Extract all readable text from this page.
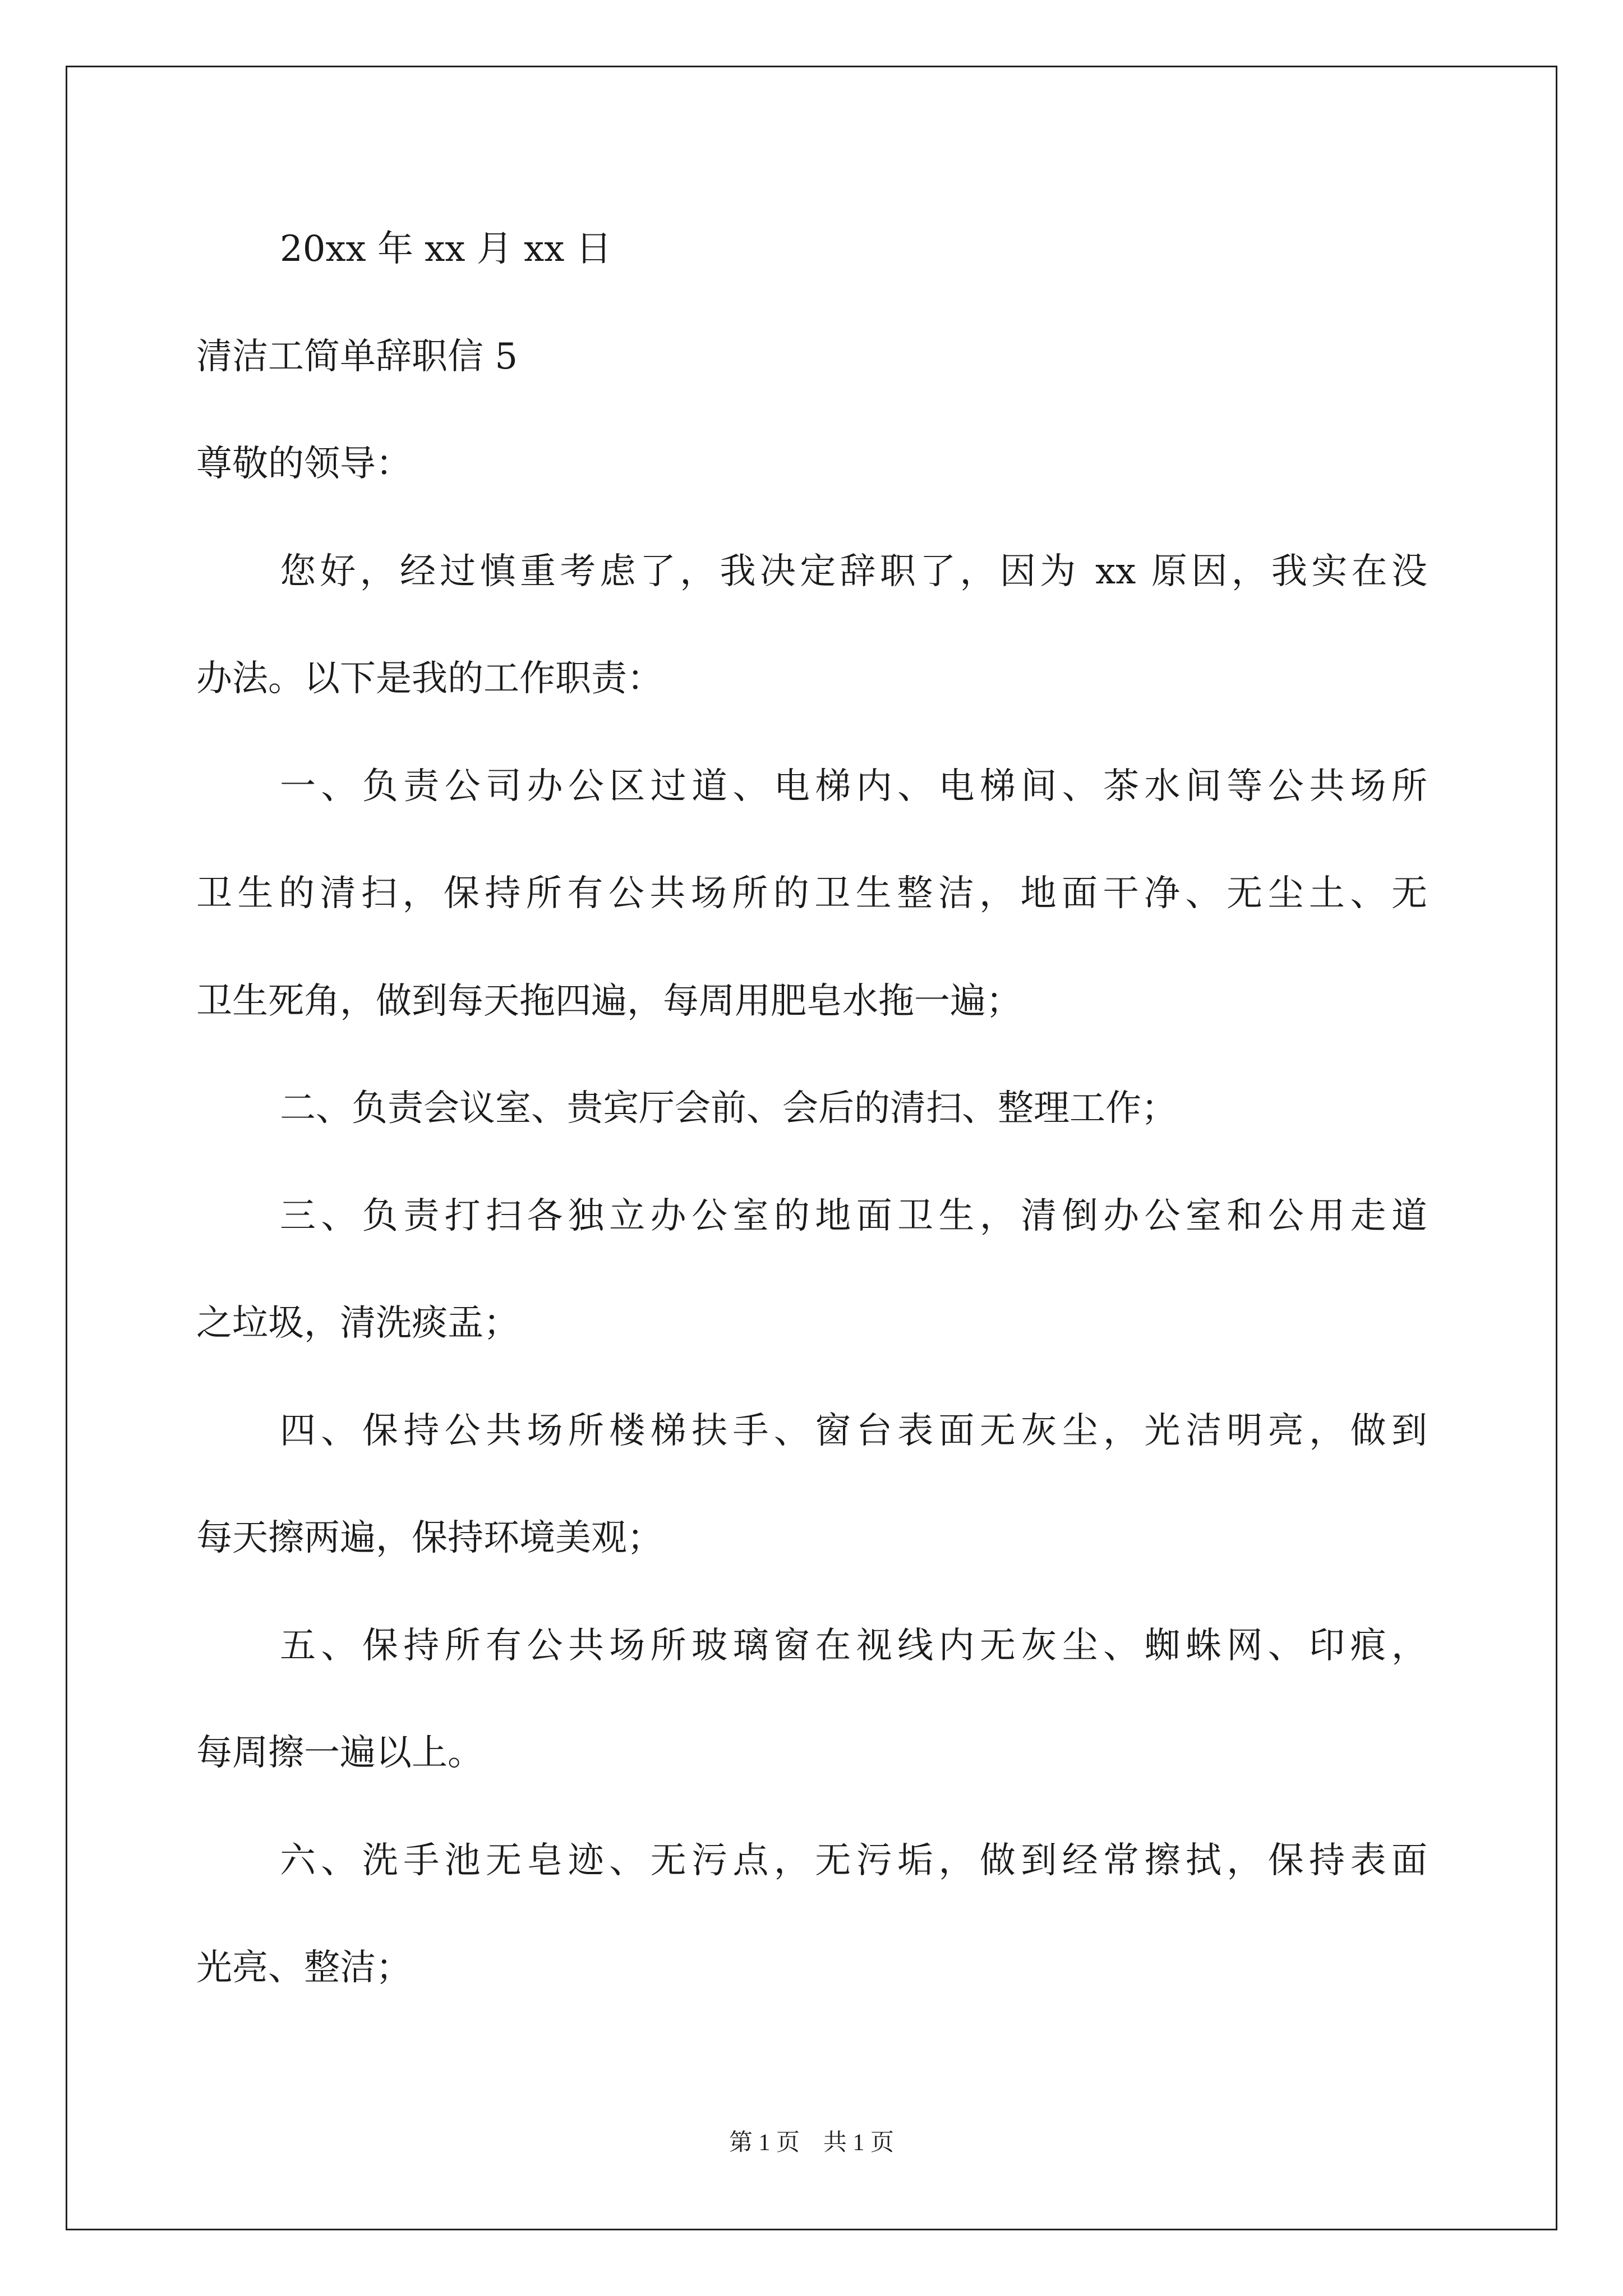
20xx 年 xx 月 xx 日
清洁工简单辞职信 5
尊敬的领导：
您好，经过慎重考虑了，我决定辞职了，因为 xx 原因，我实在没
办法。以下是我的工作职责：
一、负责公司办公区过道、电梯内、电梯间、茶水间等公共场所
卫生的清扫，保持所有公共场所的卫生整洁，地面干净、无尘土、无
卫生死角，做到每天拖四遍，每周用肥皂水拖一遍；
二、负责会议室、贵宾厅会前、会后的清扫、整理工作；
三、负责打扫各独立办公室的地面卫生，清倒办公室和公用走道
之垃圾，清洗痰盂；
四、保持公共场所楼梯扶手、窗台表面无灰尘，光洁明亮，做到
每天擦两遍，保持环境美观；
五、保持所有公共场所玻璃窗在视线内无灰尘、蜘蛛网、印痕，
每周擦一遍以上。
六、洗手池无皂迹、无污点，无污垢，做到经常擦拭，保持表面
光亮、整洁；
第 1 页    共 1 页
